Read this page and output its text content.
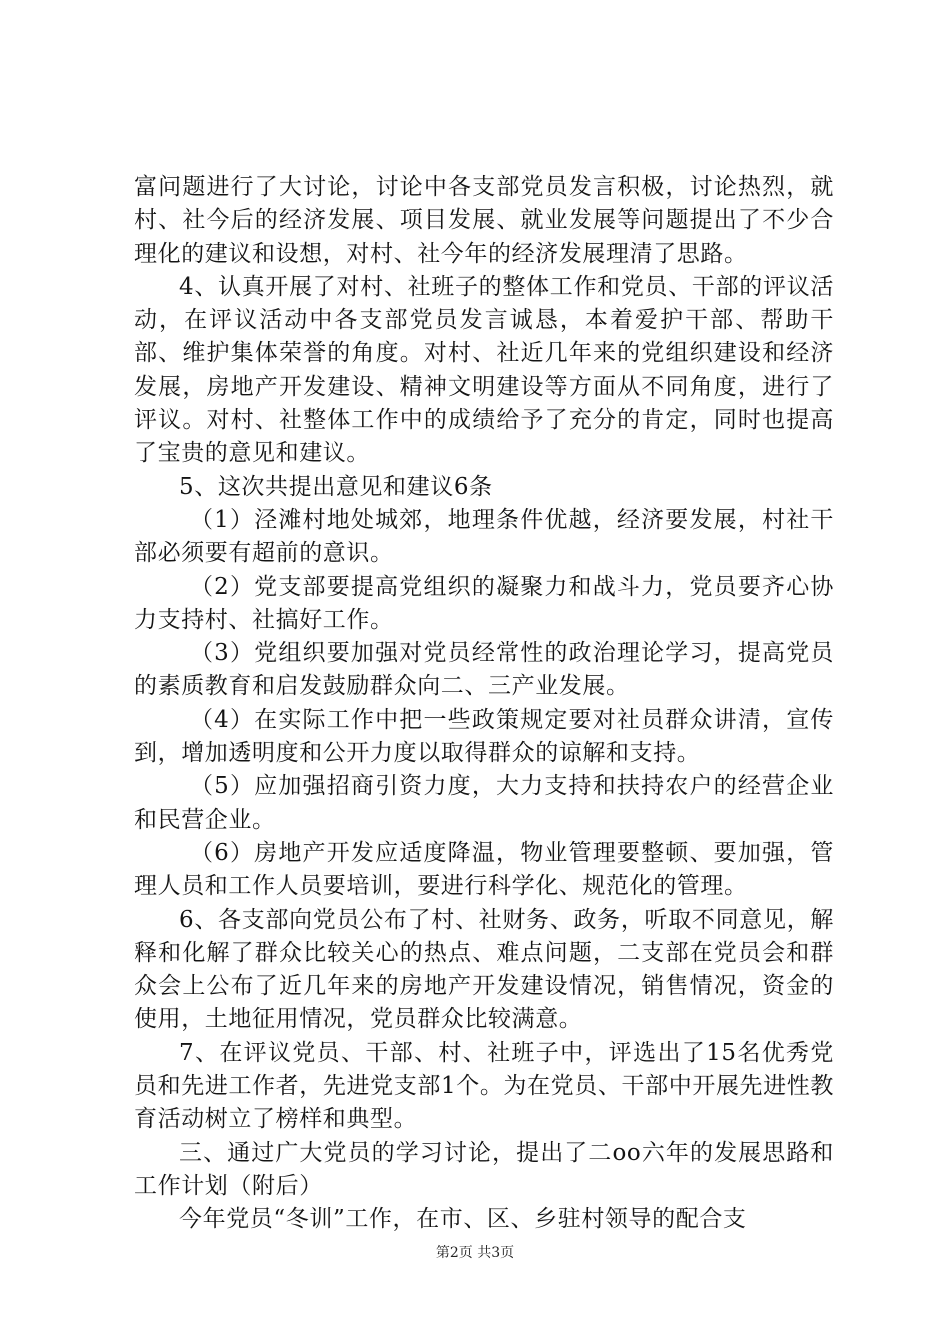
富问题进行了大讨论，讨论中各支部党员发言积极，讨论热烈，就村、社今后的经济发展、项目发展、就业发展等问题提出了不少合理化的建议和设想，对村、社今年的经济发展理清了思路。

4、认真开展了对村、社班子的整体工作和党员、干部的评议活动，在评议活动中各支部党员发言诚恳，本着爱护干部、帮助干部、维护集体荣誉的角度。对村、社近几年来的党组织建设和经济发展，房地产开发建设、精神文明建设等方面从不同角度，进行了评议。对村、社整体工作中的成绩给予了充分的肯定，同时也提高了宝贵的意见和建议。

5、这次共提出意见和建议6条

（1）泾滩村地处城郊，地理条件优越，经济要发展，村社干部必须要有超前的意识。

（2）党支部要提高党组织的凝聚力和战斗力，党员要齐心协力支持村、社搞好工作。

（3）党组织要加强对党员经常性的政治理论学习，提高党员的素质教育和启发鼓励群众向二、三产业发展。

（4）在实际工作中把一些政策规定要对社员群众讲清，宣传到，增加透明度和公开力度以取得群众的谅解和支持。

（5）应加强招商引资力度，大力支持和扶持农户的经营企业和民营企业。

（6）房地产开发应适度降温，物业管理要整顿、要加强，管理人员和工作人员要培训，要进行科学化、规范化的管理。

6、各支部向党员公布了村、社财务、政务，听取不同意见，解释和化解了群众比较关心的热点、难点问题，二支部在党员会和群众会上公布了近几年来的房地产开发建设情况，销售情况，资金的使用，土地征用情况，党员群众比较满意。

7、在评议党员、干部、村、社班子中，评选出了15名优秀党员和先进工作者，先进党支部1个。为在党员、干部中开展先进性教育活动树立了榜样和典型。

三、通过广大党员的学习讨论，提出了二oo六年的发展思路和工作计划（附后）

今年党员“冬训”工作，在市、区、乡驻村领导的配合支

第2页 共3页
